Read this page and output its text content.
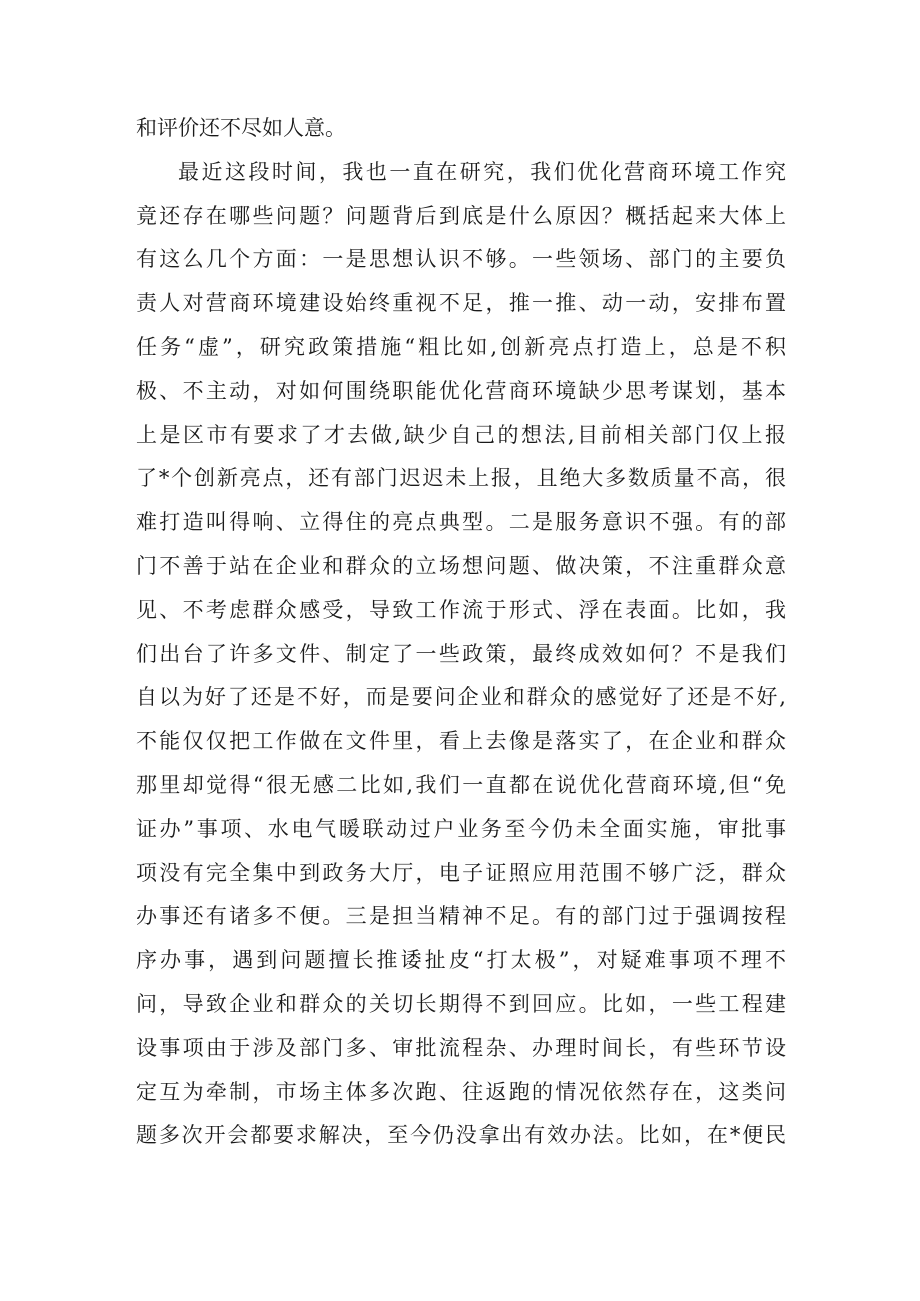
和评价还不尽如人意。
最近这段时间，我也一直在研究，我们优化营商环境工作究
竟还存在哪些问题？问题背后到底是什么原因？概括起来大体上
有这么几个方面：一是思想认识不够。一些领场、部门的主要负
责人对营商环境建设始终重视不足，推一推、动一动，安排布置
任务“虚”，研究政策措施“粗比如,创新亮点打造上，总是不积
极、不主动，对如何围绕职能优化营商环境缺少思考谋划，基本
上是区市有要求了才去做,缺少自己的想法,目前相关部门仅上报
了*个创新亮点，还有部门迟迟未上报，且绝大多数质量不高，很
难打造叫得响、立得住的亮点典型。二是服务意识不强。有的部
门不善于站在企业和群众的立场想问题、做决策，不注重群众意
见、不考虑群众感受，导致工作流于形式、浮在表面。比如，我
们出台了许多文件、制定了一些政策，最终成效如何？不是我们
自以为好了还是不好，而是要问企业和群众的感觉好了还是不好,
不能仅仅把工作做在文件里，看上去像是落实了，在企业和群众
那里却觉得“很无感二比如,我们一直都在说优化营商环境,但“免
证办”事项、水电气暖联动过户业务至今仍未全面实施，审批事
项没有完全集中到政务大厅，电子证照应用范围不够广泛，群众
办事还有诸多不便。三是担当精神不足。有的部门过于强调按程
序办事，遇到问题擅长推诿扯皮“打太极”，对疑难事项不理不
问，导致企业和群众的关切长期得不到回应。比如，一些工程建
设事项由于涉及部门多、审批流程杂、办理时间长，有些环节设
定互为牵制，市场主体多次跑、往返跑的情况依然存在，这类问
题多次开会都要求解决，至今仍没拿出有效办法。比如，在*便民
